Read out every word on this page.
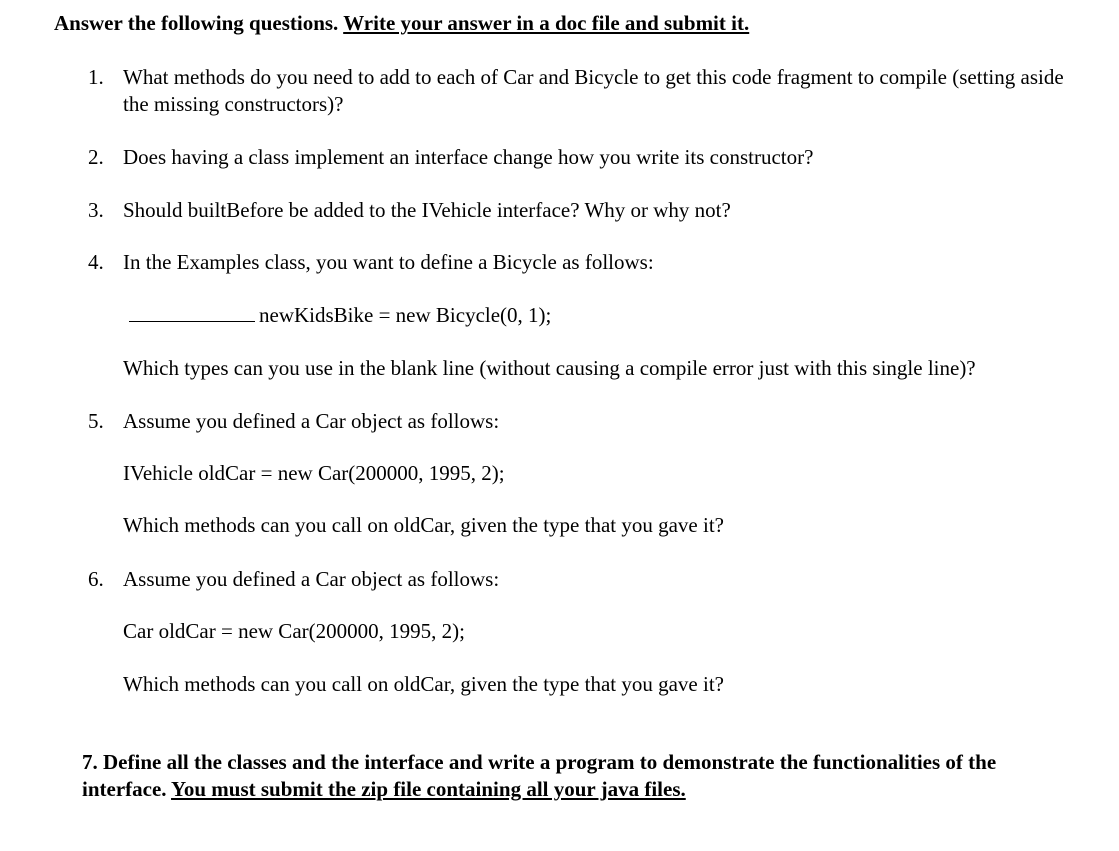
Answer the following questions. Write your answer in a doc file and submit it.
1. What methods do you need to add to each of Car and Bicycle to get this code fragment to compile (setting aside the missing constructors)?
2. Does having a class implement an interface change how you write its constructor?
3. Should builtBefore be added to the IVehicle interface? Why or why not?
4. In the Examples class, you want to define a Bicycle as follows:
newKidsBike = new Bicycle(0, 1);
Which types can you use in the blank line (without causing a compile error just with this single line)?
5. Assume you defined a Car object as follows:
IVehicle oldCar = new Car(200000, 1995, 2);
Which methods can you call on oldCar, given the type that you gave it?
6. Assume you defined a Car object as follows:
Car oldCar = new Car(200000, 1995, 2);
Which methods can you call on oldCar, given the type that you gave it?
7. Define all the classes and the interface and write a program to demonstrate the functionalities of the interface. You must submit the zip file containing all your java files.
